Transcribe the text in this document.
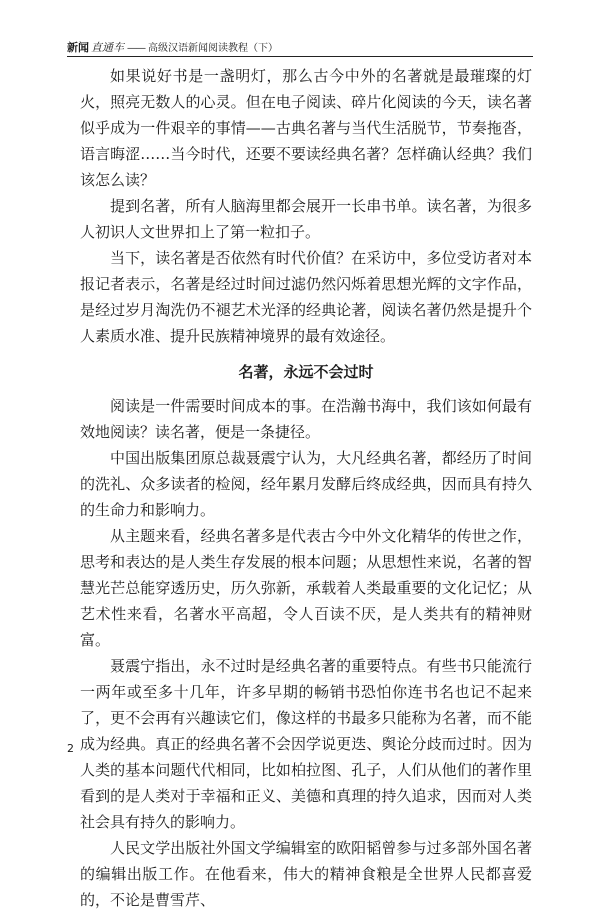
新闻 直通车 —— 高级汉语新闻阅读教程（下）

如果说好书是一盏明灯，那么古今中外的名著就是最璀璨的灯火，照亮无数人的心灵。但在电子阅读、碎片化阅读的今天，读名著似乎成为一件艰辛的事情——古典名著与当代生活脱节，节奏拖沓，语言晦涩……当今时代，还要不要读经典名著？怎样确认经典？我们该怎么读？

提到名著，所有人脑海里都会展开一长串书单。读名著，为很多人初识人文世界扣上了第一粒扣子。

当下，读名著是否依然有时代价值？在采访中，多位受访者对本报记者表示，名著是经过时间过滤仍然闪烁着思想光辉的文字作品，是经过岁月淘洗仍不褪艺术光泽的经典论著，阅读名著仍然是提升个人素质水准、提升民族精神境界的最有效途径。

名著，永远不会过时

阅读是一件需要时间成本的事。在浩瀚书海中，我们该如何最有效地阅读？读名著，便是一条捷径。

中国出版集团原总裁聂震宁认为，大凡经典名著，都经历了时间的洗礼、众多读者的检阅，经年累月发酵后终成经典，因而具有持久的生命力和影响力。

从主题来看，经典名著多是代表古今中外文化精华的传世之作，思考和表达的是人类生存发展的根本问题；从思想性来说，名著的智慧光芒总能穿透历史，历久弥新，承载着人类最重要的文化记忆；从艺术性来看，名著水平高超，令人百读不厌，是人类共有的精神财富。

聂震宁指出，永不过时是经典名著的重要特点。有些书只能流行一两年或至多十几年，许多早期的畅销书恐怕你连书名也记不起来了，更不会再有兴趣读它们，像这样的书最多只能称为名著，而不能成为经典。真正的经典名著不会因学说更迭、舆论分歧而过时。因为人类的基本问题代代相同，比如柏拉图、孔子，人们从他们的著作里看到的是人类对于幸福和正义、美德和真理的持久追求，因而对人类社会具有持久的影响力。

人民文学出版社外国文学编辑室的欧阳韬曾参与过多部外国名著的编辑出版工作。在他看来，伟大的精神食粮是全世界人民都喜爱的，不论是曹雪芹、

2
